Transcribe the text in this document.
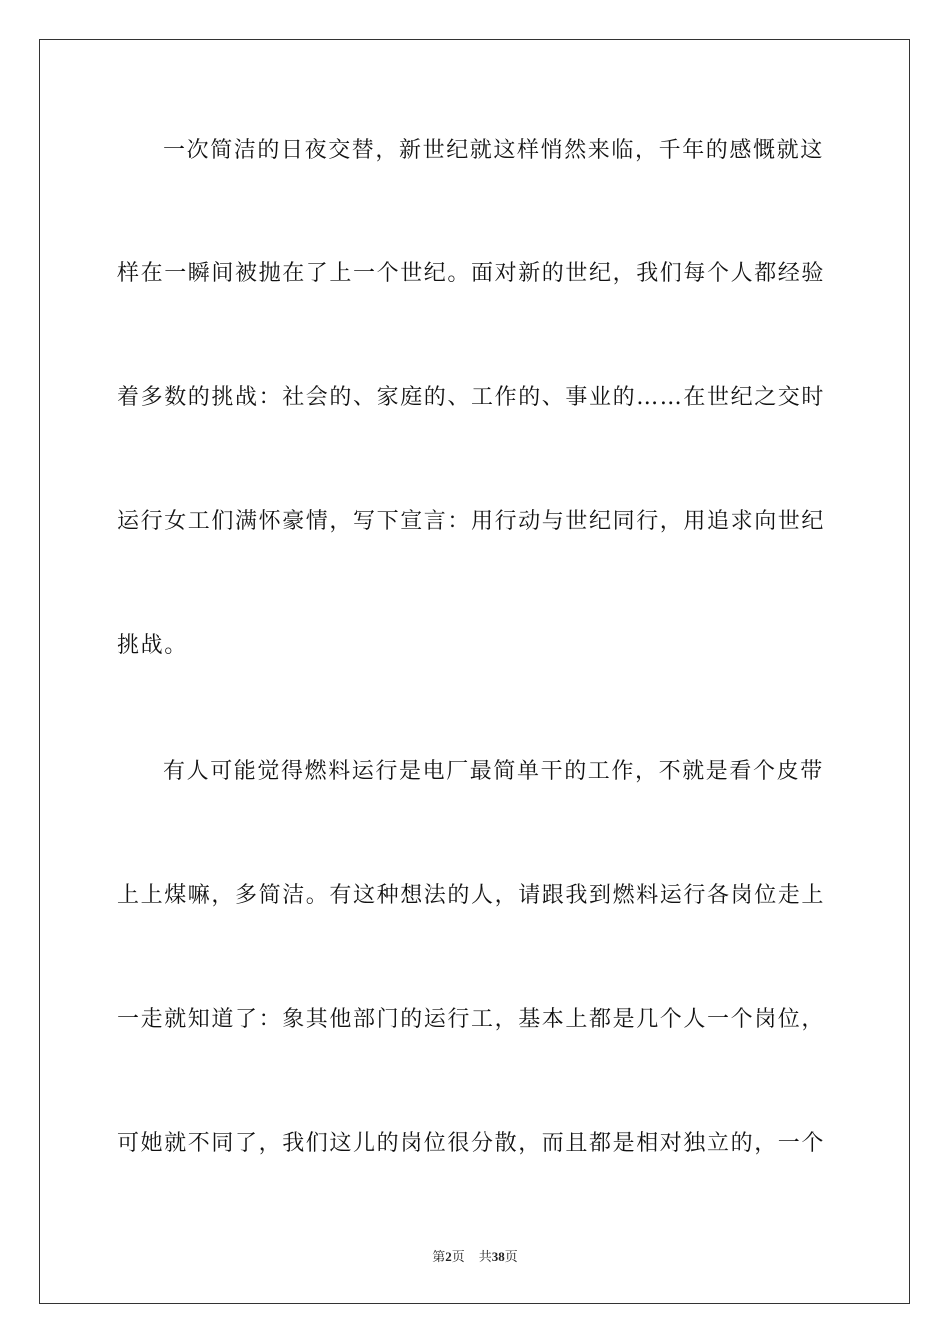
一次简洁的日夜交替，新世纪就这样悄然来临，千年的感慨就这
样在一瞬间被抛在了上一个世纪。面对新的世纪，我们每个人都经验
着多数的挑战：社会的、家庭的、工作的、事业的……在世纪之交时
运行女工们满怀豪情，写下宣言：用行动与世纪同行，用追求向世纪
挑战。
有人可能觉得燃料运行是电厂最简单干的工作，不就是看个皮带
上上煤嘛，多简洁。有这种想法的人，请跟我到燃料运行各岗位走上
一走就知道了：象其他部门的运行工，基本上都是几个人一个岗位，
可她就不同了，我们这儿的岗位很分散，而且都是相对独立的，一个
第2页 共38页
